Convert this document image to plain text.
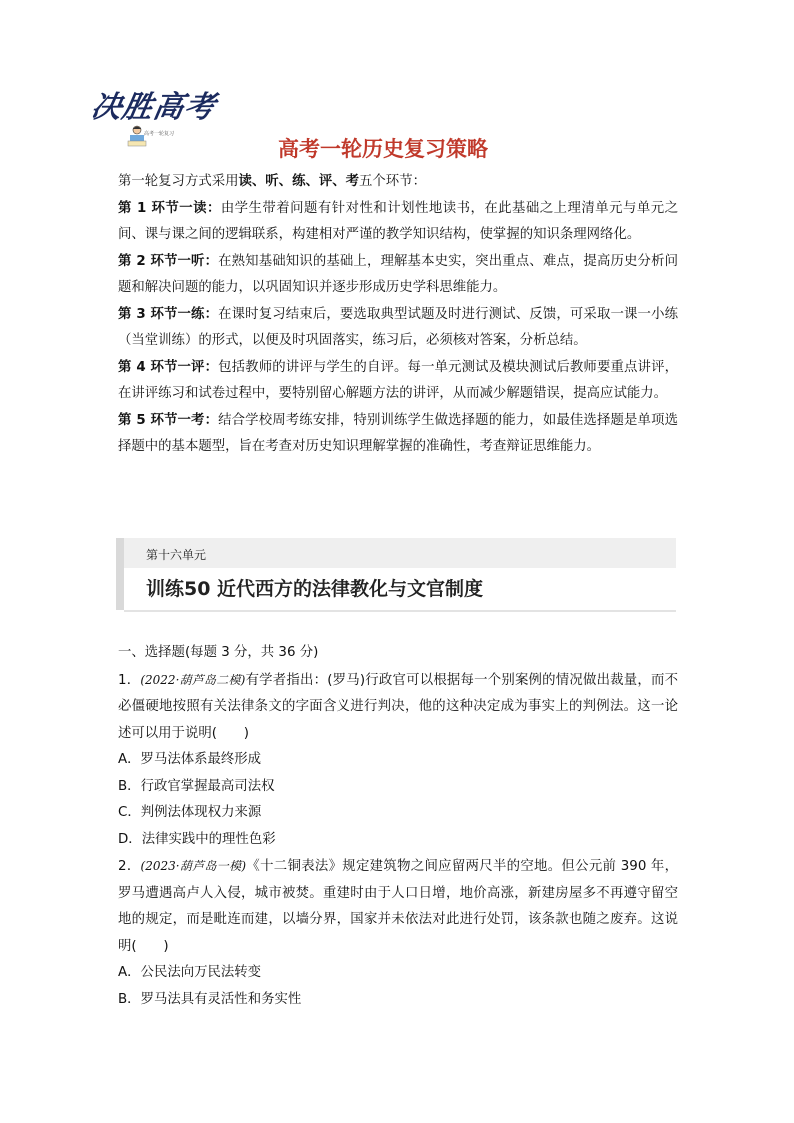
决胜高考
高考一轮复习
高考一轮历史复习策略

第一轮复习方式采用读、听、练、评、考五个环节：

第 1 环节一读：由学生带着问题有针对性和计划性地读书，在此基础之上理清单元与单元之间、课与课之间的逻辑联系，构建相对严谨的教学知识结构，使掌握的知识条理网络化。

第 2 环节一听：在熟知基础知识的基础上，理解基本史实，突出重点、难点，提高历史分析问题和解决问题的能力，以巩固知识并逐步形成历史学科思维能力。

第 3 环节一练：在课时复习结束后，要选取典型试题及时进行测试、反馈，可采取一课一小练（当堂训练）的形式，以便及时巩固落实，练习后，必须核对答案，分析总结。

第 4 环节一评：包括教师的讲评与学生的自评。每一单元测试及模块测试后教师要重点讲评，在讲评练习和试卷过程中，要特别留心解题方法的讲评，从而减少解题错误，提高应试能力。

第 5 环节一考：结合学校周考练安排，特别训练学生做选择题的能力，如最佳选择题是单项选择题中的基本题型，旨在考查对历史知识理解掌握的准确性，考查辩证思维能力。

第十六单元
训练50 近代西方的法律教化与文官制度

一、选择题(每题 3 分，共 36 分)

1．(2022·葫芦岛二模)有学者指出：(罗马)行政官可以根据每一个别案例的情况做出裁量，而不必僵硬地按照有关法律条文的字面含义进行判决，他的这种决定成为事实上的判例法。这一论述可以用于说明(　　)

A．罗马法体系最终形成

B．行政官掌握最高司法权

C．判例法体现权力来源

D．法律实践中的理性色彩

2．(2023·葫芦岛一模)《十二铜表法》规定建筑物之间应留两尺半的空地。但公元前 390 年，罗马遭遇高卢人入侵，城市被焚。重建时由于人口日增，地价高涨，新建房屋多不再遵守留空地的规定，而是毗连而建，以墙分界，国家并未依法对此进行处罚，该条款也随之废弃。这说明(　　)

A．公民法向万民法转变

B．罗马法具有灵活性和务实性
